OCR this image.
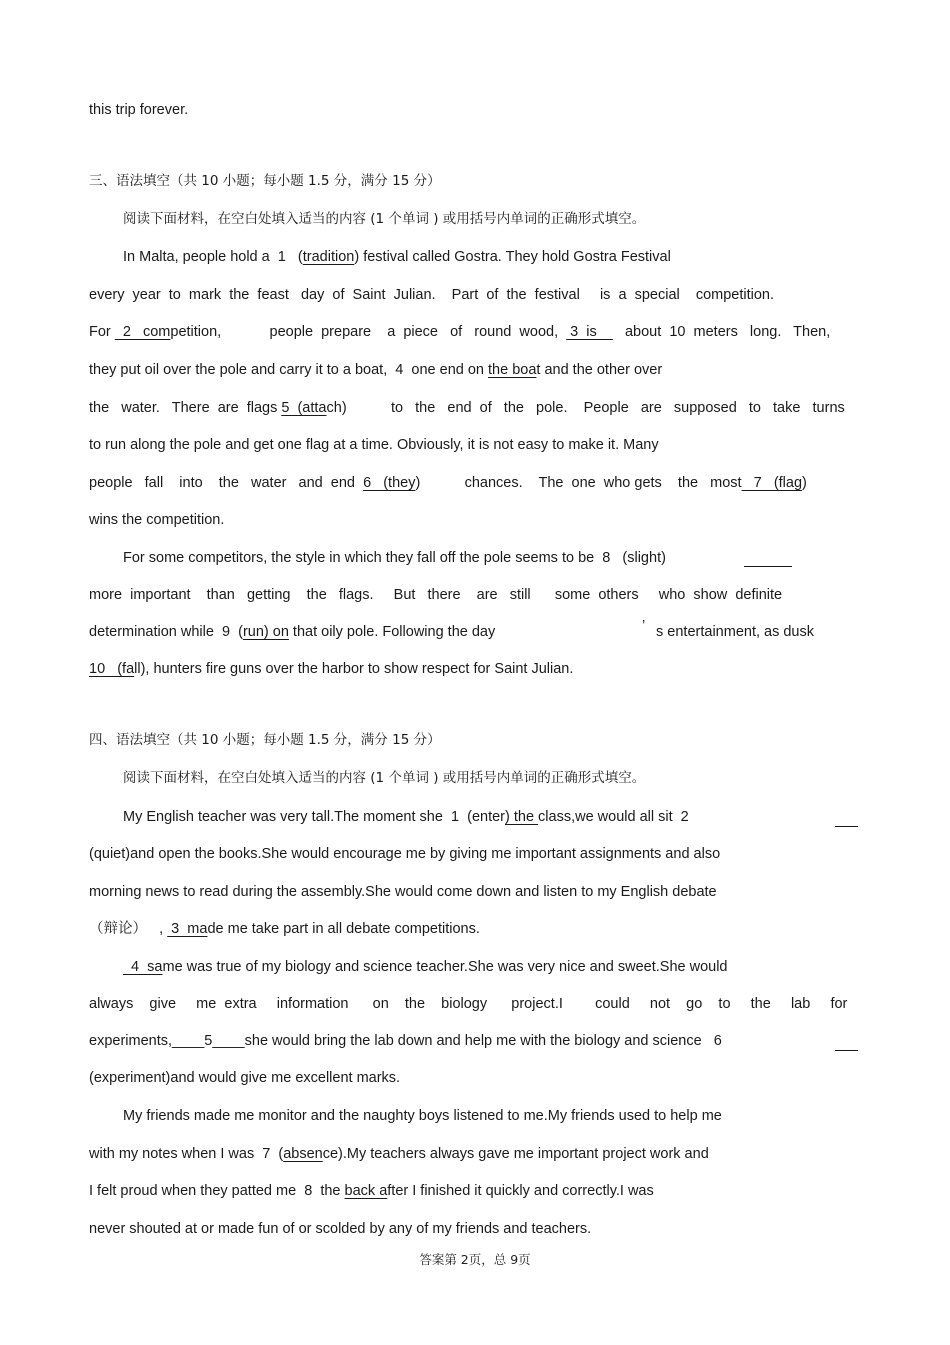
this trip forever.
三、语法填空（共 10 小题；每小题 1.5 分，满分 15 分）
阅读下面材料，在空白处填入适当的内容 (1 个单词 ) 或用括号内单词的正确形式填空。
In Malta, people hold a  1   (tradition) festival called Gostra. They hold Gostra Festival
every  year  to  mark  the  feast   day  of  Saint  Julian.    Part  of  the  festival     is  a  special    competition.
For   2   competition,            people  prepare    a  piece   of   round  wood,   3  is       about  10  meters   long.   Then,
they put oil over the pole and carry it to a boat,  4  one end on the boat and the other over
the   water.   There  are  flags 5  (attach)           to   the   end  of   the   pole.    People   are   supposed   to   take   turns
to run along the pole and get one flag at a time. Obviously, it is not easy to make it. Many
people   fall    into    the   water   and  end  6   (they)           chances.    The  one  who gets    the   most   7   (flag)
wins the competition.
For some competitors, the style in which they fall off the pole seems to be  8   (slight)
more  important    than   getting    the   flags.     But   there    are   still      some  others     who  show  definite
determination while  9  (run) on that oily pole. Following the day	’ s entertainment, as dusk
10   (fall), hunters fire guns over the harbor to show respect for Saint Julian.
四、语法填空（共 10 小题；每小题 1.5 分，满分 15 分）
阅读下面材料，在空白处填入适当的内容 (1 个单词 ) 或用括号内单词的正确形式填空。
My English teacher was very tall.The moment she  1  (enter) the class,we would all sit  2
(quiet)and open the books.She would encourage me by giving me important assignments and also
morning news to read during the assembly.She would come down and listen to my English debate
（辩论）   ,  3  made me take part in all debate competitions.
4  same was true of my biology and science teacher.She was very nice and sweet.She would
always    give     me  extra     information      on    the    biology      project.I        could     not    go    to     the     lab     for
experiments,____5____she would bring the lab down and help me with the biology and science   6
(experiment)and would give me excellent marks.
My friends made me monitor and the naughty boys listened to me.My friends used to help me
with my notes when I was  7  (absence).My teachers always gave me important project work and
I felt proud when they patted me  8  the back after I finished it quickly and correctly.I was
never shouted at or made fun of or scolded by any of my friends and teachers.
答案第 2页，总 9页
